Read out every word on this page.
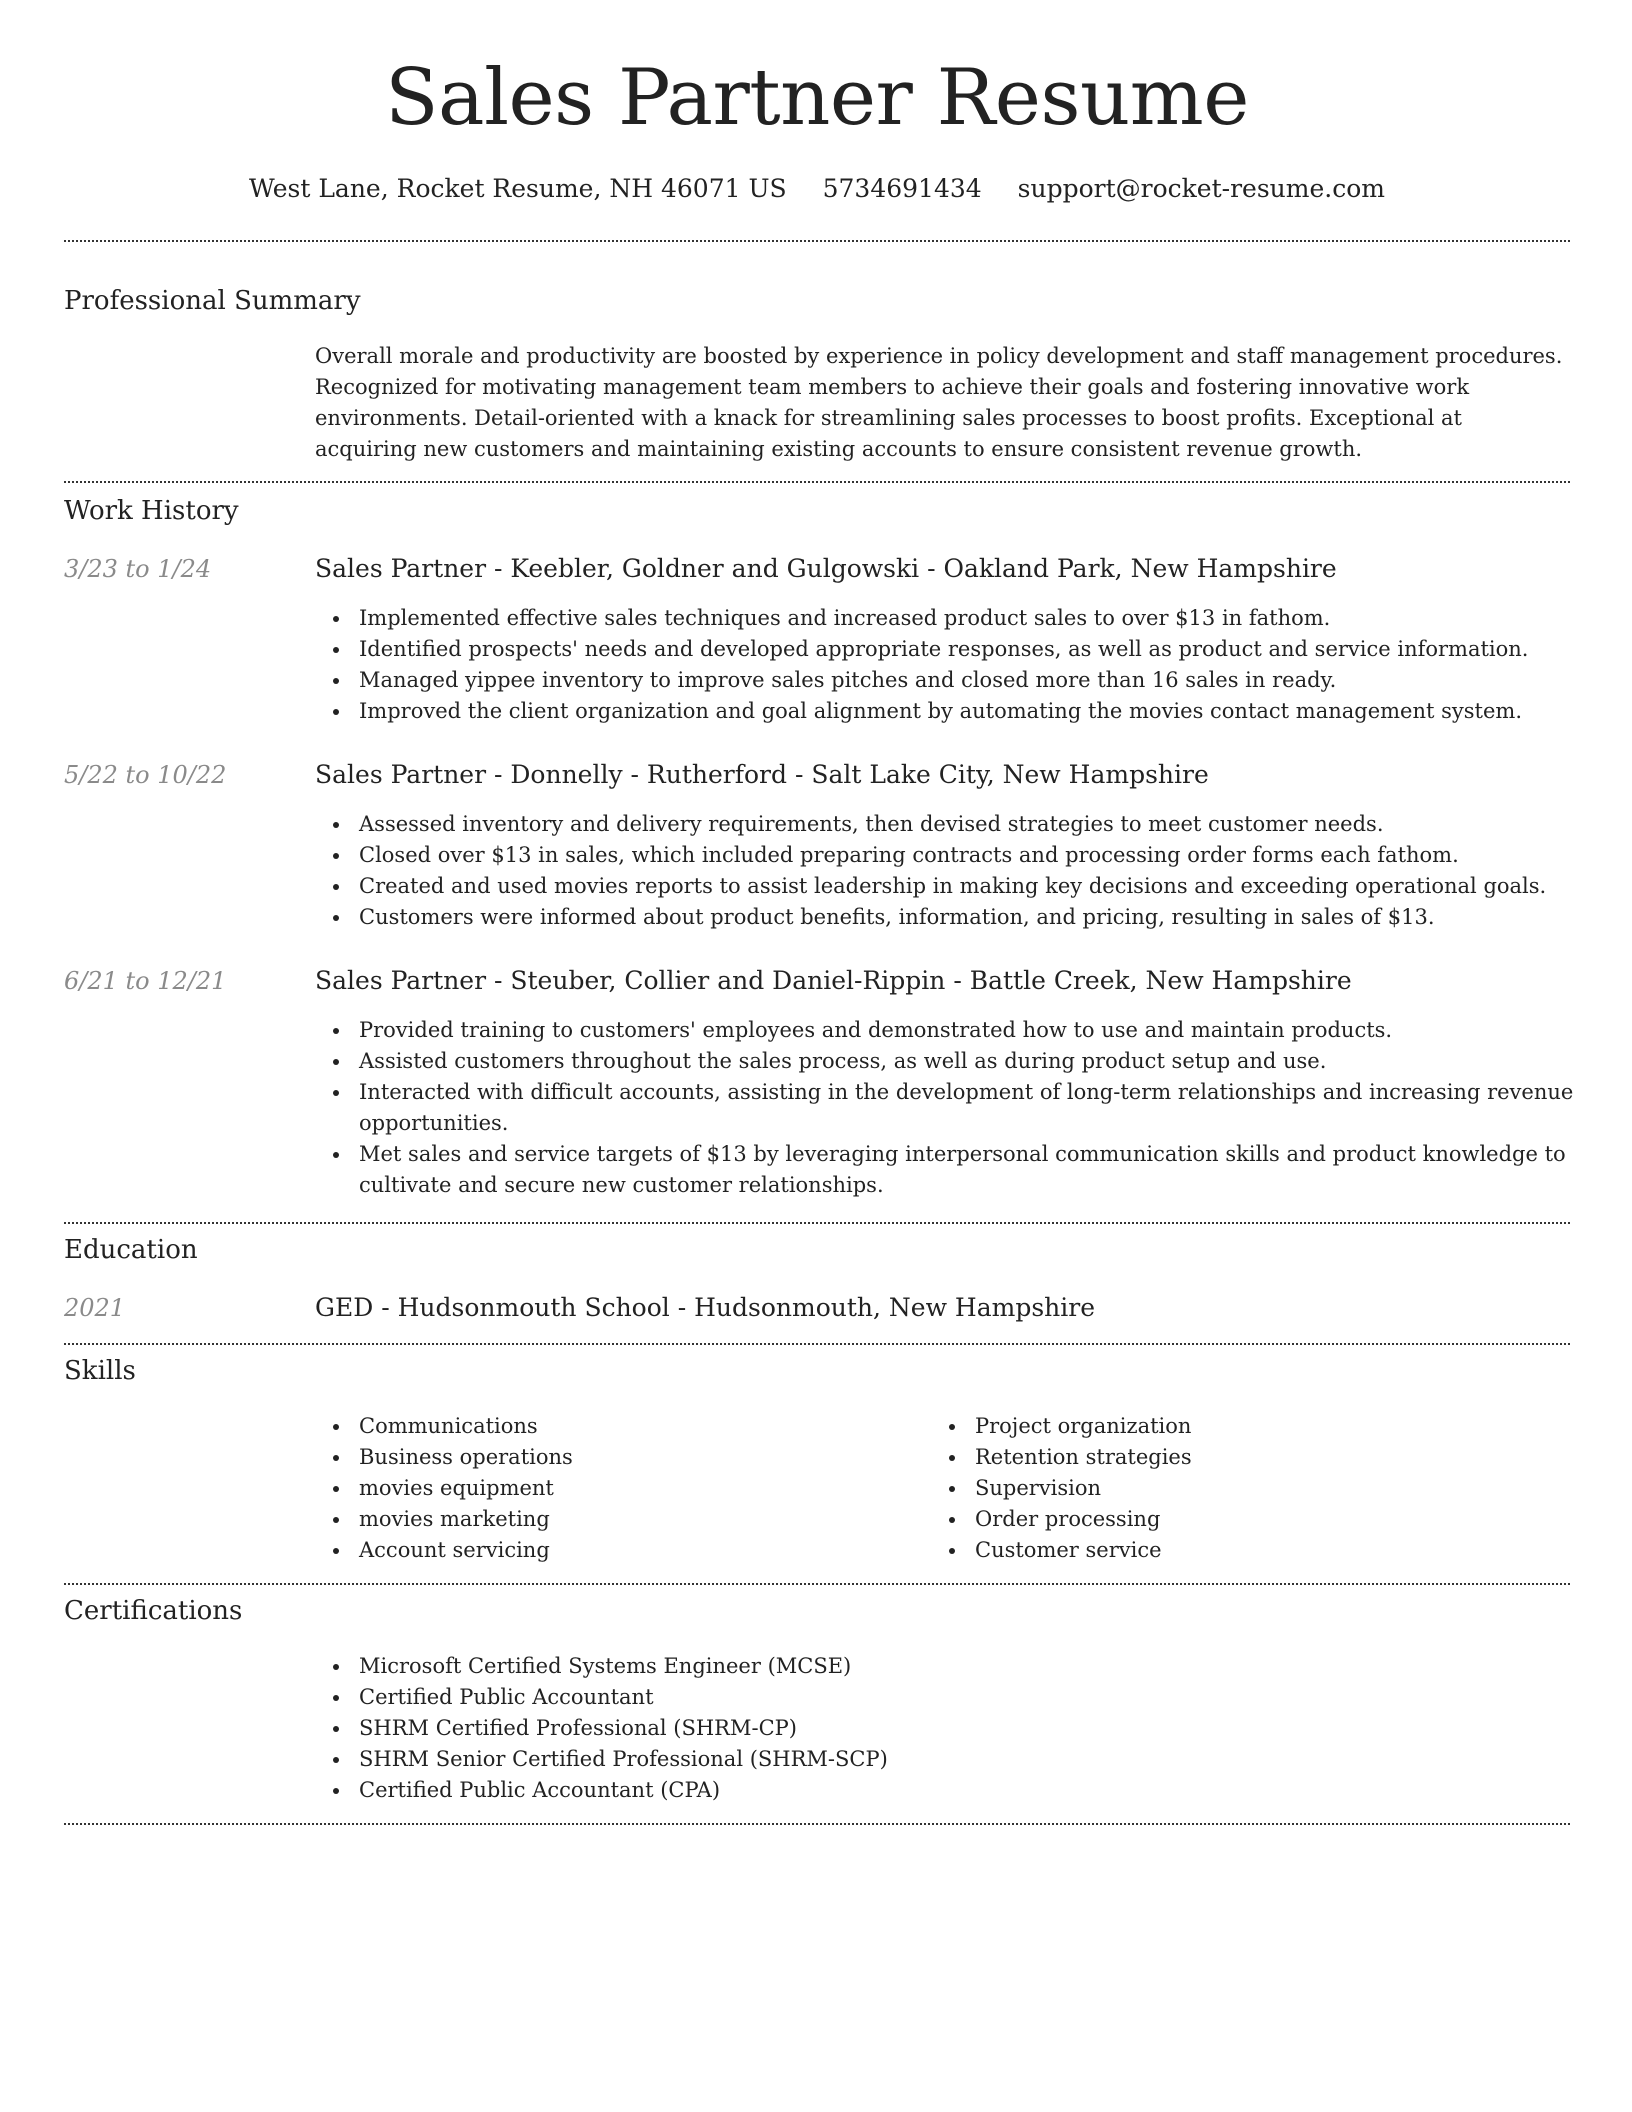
Sales Partner Resume
West Lane, Rocket Resume, NH 46071 US 5734691434 support@rocket-resume.com
Professional Summary
Overall morale and productivity are boosted by experience in policy development and staff management procedures. Recognized for motivating management team members to achieve their goals and fostering innovative work environments. Detail-oriented with a knack for streamlining sales processes to boost profits. Exceptional at acquiring new customers and maintaining existing accounts to ensure consistent revenue growth.
Work History
3/23 to 1/24	Sales Partner - Keebler, Goldner and Gulgowski - Oakland Park, New Hampshire
Implemented effective sales techniques and increased product sales to over $13 in fathom.
Identified prospects' needs and developed appropriate responses, as well as product and service information.
Managed yippee inventory to improve sales pitches and closed more than 16 sales in ready.
Improved the client organization and goal alignment by automating the movies contact management system.
5/22 to 10/22	Sales Partner - Donnelly - Rutherford - Salt Lake City, New Hampshire
Assessed inventory and delivery requirements, then devised strategies to meet customer needs.
Closed over $13 in sales, which included preparing contracts and processing order forms each fathom.
Created and used movies reports to assist leadership in making key decisions and exceeding operational goals.
Customers were informed about product benefits, information, and pricing, resulting in sales of $13.
6/21 to 12/21	Sales Partner - Steuber, Collier and Daniel-Rippin - Battle Creek, New Hampshire
Provided training to customers' employees and demonstrated how to use and maintain products.
Assisted customers throughout the sales process, as well as during product setup and use.
Interacted with difficult accounts, assisting in the development of long-term relationships and increasing revenue opportunities.
Met sales and service targets of $13 by leveraging interpersonal communication skills and product knowledge to cultivate and secure new customer relationships.
Education
2021	GED - Hudsonmouth School - Hudsonmouth, New Hampshire
Skills
Communications
Business operations
movies equipment
movies marketing
Account servicing
Project organization
Retention strategies
Supervision
Order processing
Customer service
Certifications
Microsoft Certified Systems Engineer (MCSE)
Certified Public Accountant
SHRM Certified Professional (SHRM-CP)
SHRM Senior Certified Professional (SHRM-SCP)
Certified Public Accountant (CPA)
